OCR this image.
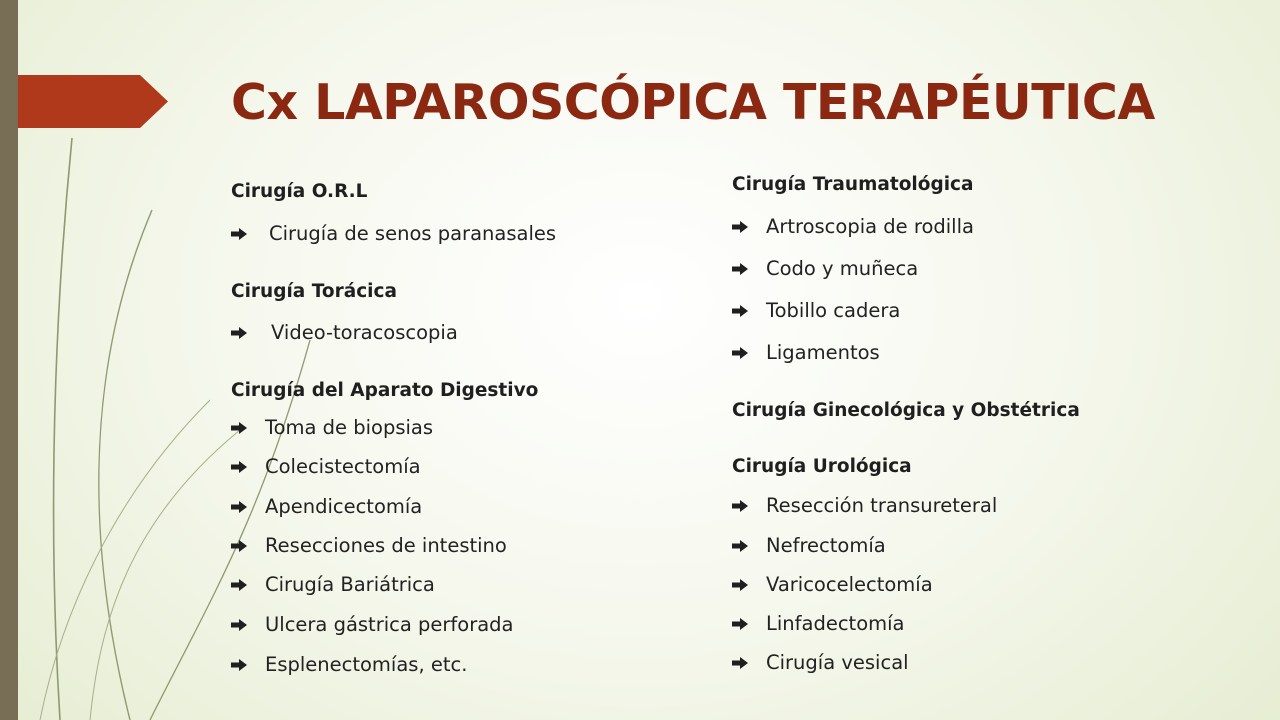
Cx LAPAROSCÓPICA TERAPÉUTICA
Cirugía O.R.L
Cirugía de senos paranasales
Cirugía Torácica
Video-toracoscopia
Cirugía del Aparato Digestivo
Toma de biopsias
Colecistectomía
Apendicectomía
Resecciones de intestino
Cirugía Bariátrica
Ulcera gástrica perforada
Esplenectomías, etc.
Cirugía Traumatológica
Artroscopia de rodilla
Codo y muñeca
Tobillo cadera
Ligamentos
Cirugía Ginecológica y Obstétrica
Cirugía Urológica
Resección transureteral
Nefrectomía
Varicocelectomía
Linfadectomía
Cirugía vesical
